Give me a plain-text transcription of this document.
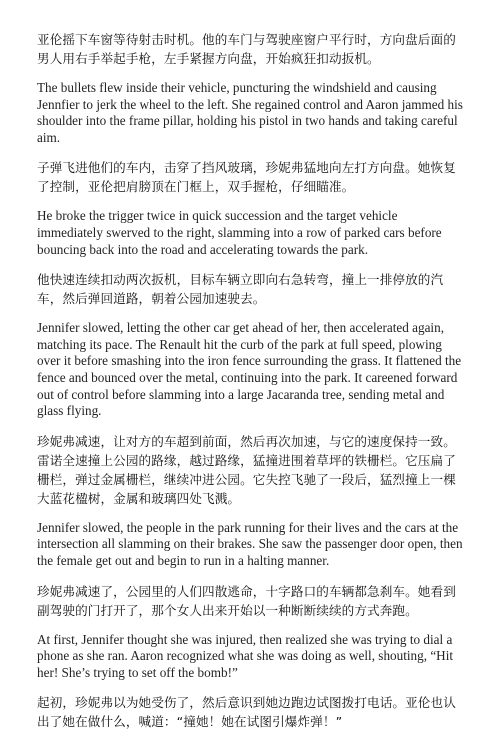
亚伦摇下车窗等待射击时机。他的车门与驾驶座窗户平行时，方向盘后面的男人用右手举起手枪，左手紧握方向盘，开始疯狂扣动扳机。

The bullets flew inside their vehicle, puncturing the windshield and causing Jennfier to jerk the wheel to the left. She regained control and Aaron jammed his shoulder into the frame pillar, holding his pistol in two hands and taking careful aim.

子弹飞进他们的车内，击穿了挡风玻璃，珍妮弗猛地向左打方向盘。她恢复了控制，亚伦把肩膀顶在门框上，双手握枪，仔细瞄准。

He broke the trigger twice in quick succession and the target vehicle immediately swerved to the right, slamming into a row of parked cars before bouncing back into the road and accelerating towards the park.

他快速连续扣动两次扳机，目标车辆立即向右急转弯，撞上一排停放的汽车，然后弹回道路，朝着公园加速驶去。

Jennifer slowed, letting the other car get ahead of her, then accelerated again, matching its pace. The Renault hit the curb of the park at full speed, plowing over it before smashing into the iron fence surrounding the grass. It flattened the fence and bounced over the metal, continuing into the park. It careened forward out of control before slamming into a large Jacaranda tree, sending metal and glass flying.

珍妮弗减速，让对方的车超到前面，然后再次加速，与它的速度保持一致。雷诺全速撞上公园的路缘，越过路缘，猛撞进围着草坪的铁栅栏。它压扁了栅栏，弹过金属栅栏，继续冲进公园。它失控飞驰了一段后，猛烈撞上一棵大蓝花楹树，金属和玻璃四处飞溅。

Jennifer slowed, the people in the park running for their lives and the cars at the intersection all slamming on their brakes. She saw the passenger door open, then the female get out and begin to run in a halting manner.

珍妮弗减速了，公园里的人们四散逃命，十字路口的车辆都急刹车。她看到副驾驶的门打开了，那个女人出来开始以一种断断续续的方式奔跑。

At first, Jennifer thought she was injured, then realized she was trying to dial a phone as she ran. Aaron recognized what she was doing as well, shouting, “Hit her! She’s trying to set off the bomb!”

起初，珍妮弗以为她受伤了，然后意识到她边跑边试图拨打电话。亚伦也认出了她在做什么，喊道：“撞她！她在试图引爆炸弹！”
